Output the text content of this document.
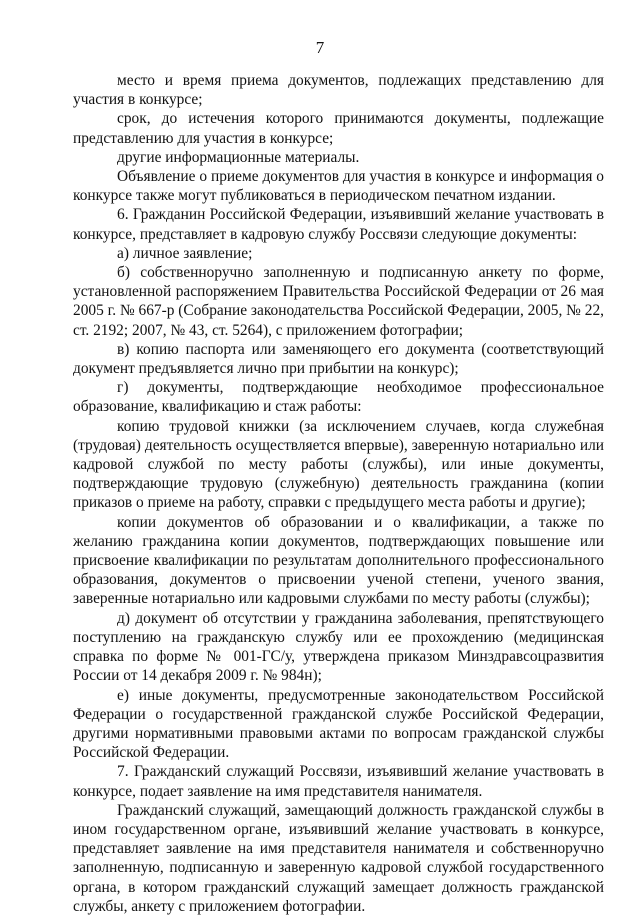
7

место и время приема документов, подлежащих представлению для участия в конкурсе;

срок, до истечения которого принимаются документы, подлежащие представлению для участия в конкурсе;

другие информационные материалы.

Объявление о приеме документов для участия в конкурсе и информация о конкурсе также могут публиковаться в периодическом печатном издании.

6. Гражданин Российской Федерации, изъявивший желание участвовать в конкурсе, представляет в кадровую службу Россвязи следующие документы:

а) личное заявление;

б) собственноручно заполненную и подписанную анкету по форме, установленной распоряжением Правительства Российской Федерации от 26 мая 2005 г. № 667-р (Собрание законодательства Российской Федерации, 2005, № 22, ст. 2192; 2007, № 43, ст. 5264), с приложением фотографии;

в) копию паспорта или заменяющего его документа (соответствующий документ предъявляется лично при прибытии на конкурс);

г) документы, подтверждающие необходимое профессиональное образование, квалификацию и стаж работы:

копию трудовой книжки (за исключением случаев, когда служебная (трудовая) деятельность осуществляется впервые), заверенную нотариально или кадровой службой по месту работы (службы), или иные документы, подтверждающие трудовую (служебную) деятельность гражданина (копии приказов о приеме на работу, справки с предыдущего места работы и другие);

копии документов об образовании и о квалификации, а также по желанию гражданина копии документов, подтверждающих повышение или присвоение квалификации по результатам дополнительного профессионального образования, документов о присвоении ученой степени, ученого звания, заверенные нотариально или кадровыми службами по месту работы (службы);

д) документ об отсутствии у гражданина заболевания, препятствующего поступлению на гражданскую службу или ее прохождению (медицинская справка по форме № 001-ГС/у, утверждена приказом Минздравсоцразвития России от 14 декабря 2009 г. № 984н);

е) иные документы, предусмотренные законодательством Российской Федерации о государственной гражданской службе Российской Федерации, другими нормативными правовыми актами по вопросам гражданской службы Российской Федерации.

7. Гражданский служащий Россвязи, изъявивший желание участвовать в конкурсе, подает заявление на имя представителя нанимателя.

Гражданский служащий, замещающий должность гражданской службы в ином государственном органе, изъявивший желание участвовать в конкурсе, представляет заявление на имя представителя нанимателя и собственноручно заполненную, подписанную и заверенную кадровой службой государственного органа, в котором гражданский служащий замещает должность гражданской службы, анкету с приложением фотографии.
